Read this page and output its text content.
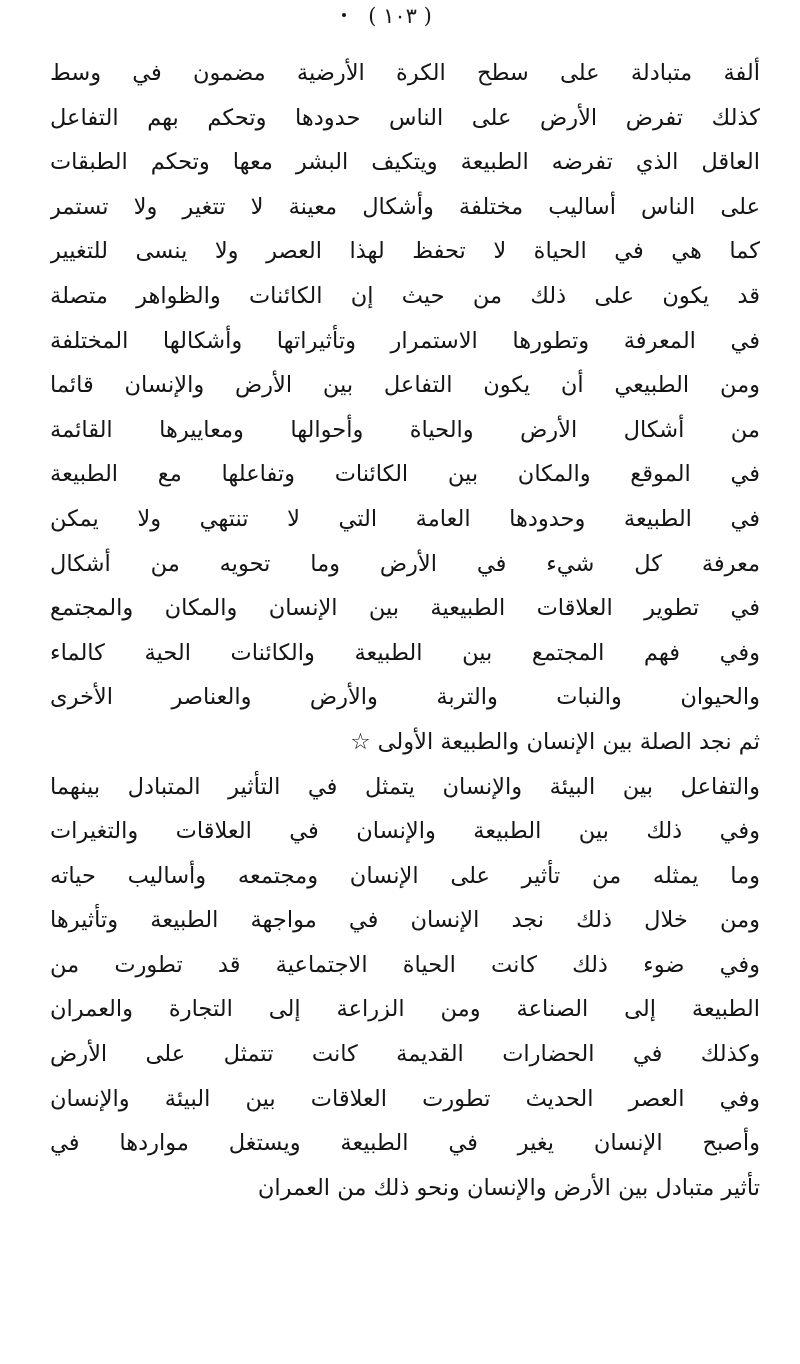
( ١٠٣ )
ألفة متبادلة على سطح الكرة الأرضية مضمون في وسط
كذلك تفرض الأرض على الناس حدودها وتحكم بهم التفاعل
العاقل الذي تفرضه الطبيعة ويتكيف البشر معها وتحكم الطبقات
على الناس أساليب مختلفة وأشكال معينة لا تتغير ولا تستمر
كما هي في الحياة لا تحفظ لهذا العصر ولا ينسى للتغيير
قد يكون على ذلك من حيث إن الكائنات والظواهر متصلة
في المعرفة وتطورها الاستمرار وتأثيراتها وأشكالها المختلفة
ومن الطبيعي أن يكون التفاعل بين الأرض والإنسان قائما
من أشكال الأرض والحياة وأحوالها ومعاييرها القائمة
في الموقع والمكان بين الكائنات وتفاعلها مع الطبيعة
في الطبيعة وحدودها العامة التي لا تنتهي ولا يمكن
معرفة كل شيء في الأرض وما تحويه من أشكال
في تطوير العلاقات الطبيعية بين الإنسان والمكان والمجتمع
وفي فهم المجتمع بين الطبيعة والكائنات الحية كالماء
والحيوان والنبات والتربة والأرض والعناصر الأخرى
ثم نجد الصلة بين الإنسان والطبيعة الأولى ☆
والتفاعل بين البيئة والإنسان يتمثل في التأثير المتبادل بينهما
وفي ذلك بين الطبيعة والإنسان في العلاقات والتغيرات
وما يمثله من تأثير على الإنسان ومجتمعه وأساليب حياته
ومن خلال ذلك نجد الإنسان في مواجهة الطبيعة وتأثيرها
وفي ضوء ذلك كانت الحياة الاجتماعية قد تطورت من
الطبيعة إلى الصناعة ومن الزراعة إلى التجارة والعمران
وكذلك في الحضارات القديمة كانت تتمثل على الأرض
وفي العصر الحديث تطورت العلاقات بين البيئة والإنسان
وأصبح الإنسان يغير في الطبيعة ويستغل مواردها في
تأثير متبادل بين الأرض والإنسان ونحو ذلك من العمران
